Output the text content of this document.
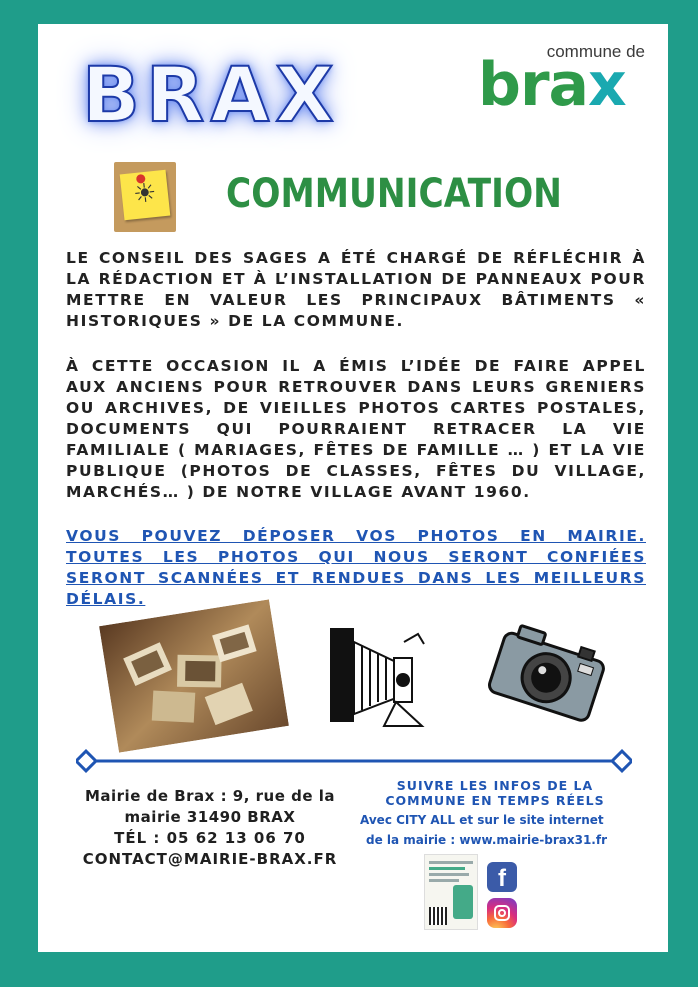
BRAX	commune de
brax
☀ COMMUNICATION
LE CONSEIL DES SAGES A ÉTÉ CHARGÉ DE RÉFLÉCHIR À LA RÉDACTION ET À L’INSTALLATION DE PANNEAUX POUR METTRE EN VALEUR LES PRINCIPAUX BÂTIMENTS « HISTORIQUES » DE LA COMMUNE.
À CETTE OCCASION IL A ÉMIS L’IDÉE DE FAIRE APPEL AUX ANCIENS POUR RETROUVER DANS LEURS GRENIERS OU ARCHIVES, DE VIEILLES PHOTOS CARTES POSTALES, DOCUMENTS QUI POURRAIENT RETRACER LA VIE FAMILIALE ( MARIAGES, FÊTES DE FAMILLE … ) ET LA VIE PUBLIQUE (PHOTOS DE CLASSES, FÊTES DU VILLAGE, MARCHÉS… ) DE NOTRE VILLAGE AVANT 1960.
VOUS POUVEZ DÉPOSER VOS PHOTOS EN MAIRIE. TOUTES LES PHOTOS QUI NOUS SERONT CONFIÉES SERONT SCANNÉES ET RENDUES DANS LES MEILLEURS DÉLAIS.
Mairie de Brax : 9, rue de la
mairie 31490 BRAX
TÉL : 05 62 13 06 70
CONTACT@MAIRIE-BRAX.FR
SUIVRE LES INFOS DE LA
COMMUNE EN TEMPS RÉELS
Avec CITY ALL et sur le site internet
de la mairie : www.mairie-brax31.fr
f
